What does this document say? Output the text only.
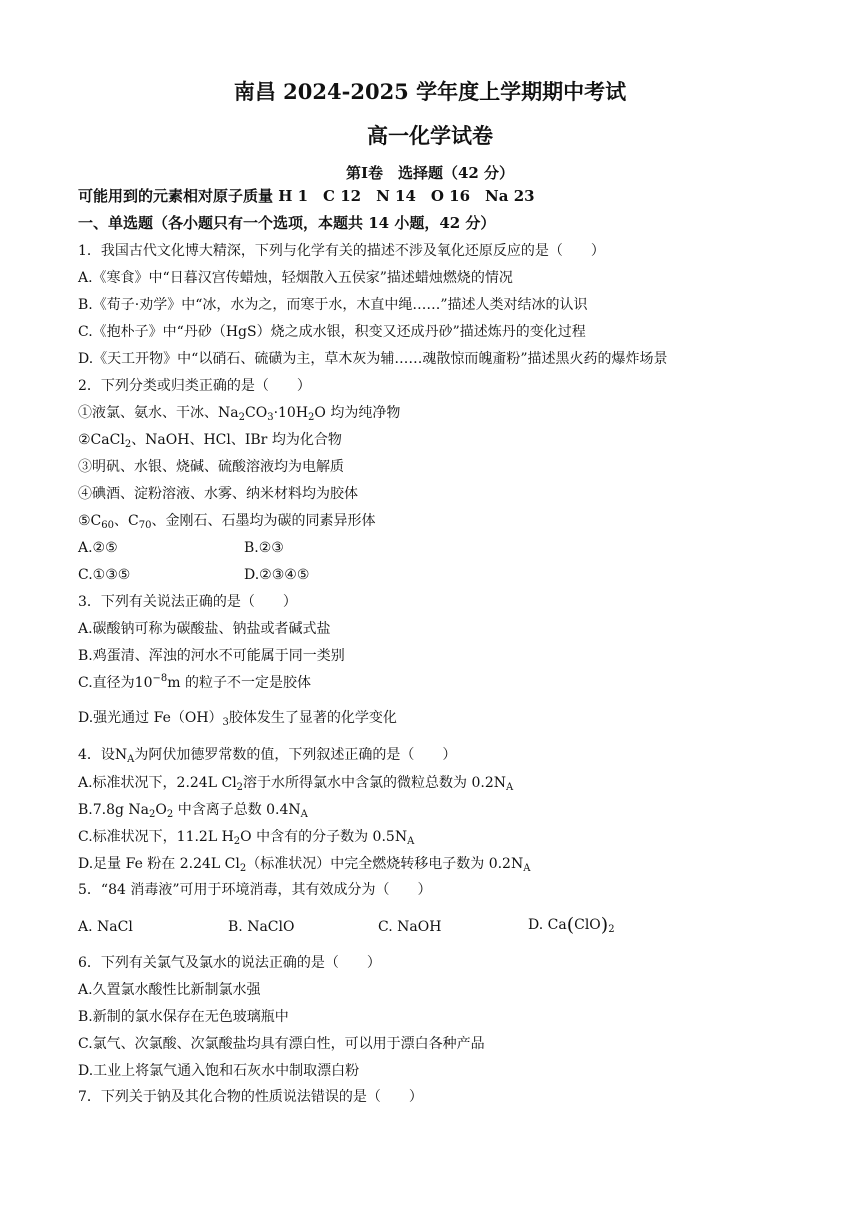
南昌 2024-2025 学年度上学期期中考试
高一化学试卷
第Ⅰ卷　选择题（42 分）
可能用到的元素相对原子质量 H 1　C 12　N 14　O 16　Na 23
一、单选题（各小题只有一个选项，本题共 14 小题，42 分）
1．我国古代文化博大精深，下列与化学有关的描述不涉及氧化还原反应的是（　　）
A.《寒食》中“日暮汉宫传蜡烛，轻烟散入五侯家”描述蜡烛燃烧的情况
B.《荀子·劝学》中“冰，水为之，而寒于水，木直中绳……”描述人类对结冰的认识
C.《抱朴子》中“丹砂（HgS）烧之成水银，积变又还成丹砂”描述炼丹的变化过程
D.《天工开物》中“以硝石、硫磺为主，草木灰为辅……魂散惊而魄齑粉”描述黑火药的爆炸场景
2．下列分类或归类正确的是（　　）
①液氯、氨水、干冰、$Na_2CO_3\cdot 10H_2O$ 均为纯净物
②CaCl$_2$、NaOH、HCl、IBr 均为化合物
③明矾、水银、烧碱、硫酸溶液均为电解质
④碘酒、淀粉溶液、水雾、纳米材料均为胶体
$⑤C_{60}$、$C_{70}$、金刚石、石墨均为碳的同素异形体
A.②⑤	B.②③
C.①③⑤	D.②③④⑤
3．下列有关说法正确的是（　　）
A.碳酸钠可称为碳酸盐、钠盐或者碱式盐
B.鸡蛋清、浑浊的河水不可能属于同一类别
C.直径为$10^{-8}m$ 的粒子不一定是胶体
D.强光通过 $Fe(OH)_3$胶体发生了显著的化学变化
4．设$N_A$为阿伏加德罗常数的值，下列叙述正确的是（　　）
A.标准状况下，2.24L $Cl_2$溶于水所得氯水中含氯的微粒总数为 $0.2N_A$
B.7.8g $Na_2O_2$ 中含离子总数 $0.4N_A$
C.标准状况下，11.2L $H_2O$ 中含有的分子数为 $0.5N_A$
D.足量 Fe 粉在 2.24L $Cl_2$（标准状况）中完全燃烧转移电子数为 $0.2N_A$
5．“84 消毒液”可用于环境消毒，其有效成分为（　　）
A. NaCl	B. NaClO	C. NaOH	D. $Ca(ClO)_2$
6．下列有关氯气及氯水的说法正确的是（　　）
A.久置氯水酸性比新制氯水强
B.新制的氯水保存在无色玻璃瓶中
C.氯气、次氯酸、次氯酸盐均具有漂白性，可以用于漂白各种产品
D.工业上将氯气通入饱和石灰水中制取漂白粉
7．下列关于钠及其化合物的性质说法错误的是（　　）
